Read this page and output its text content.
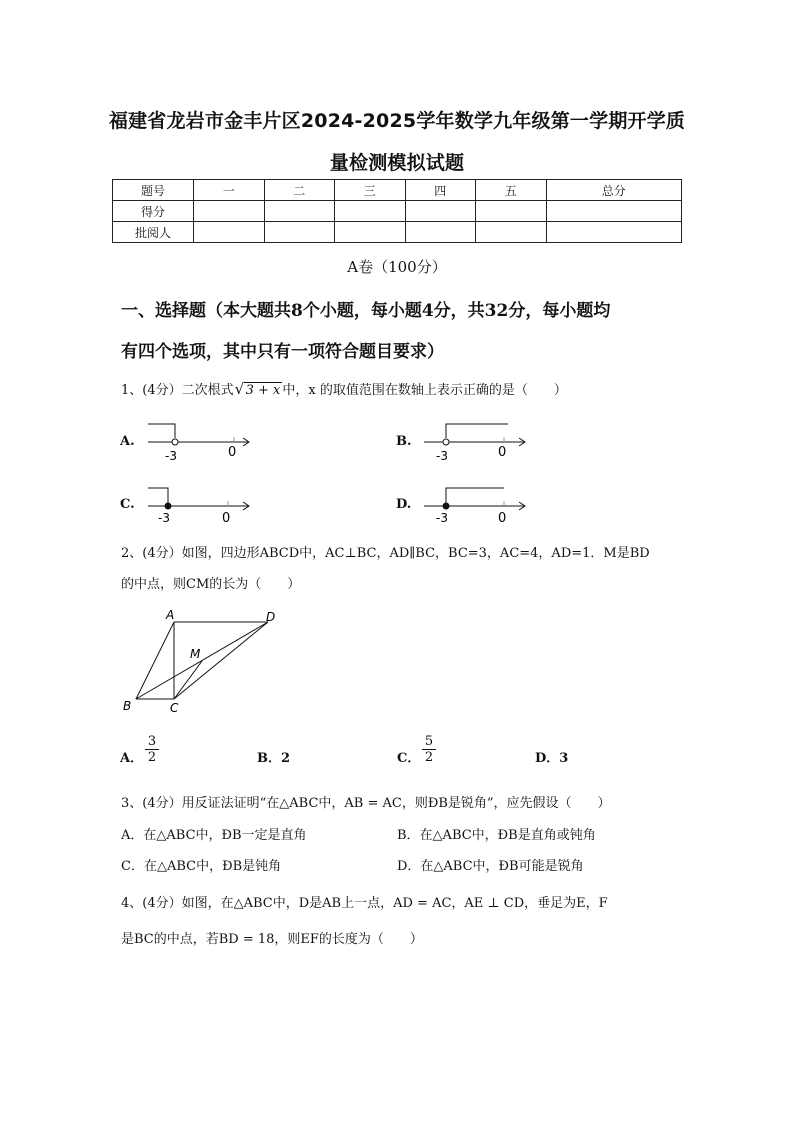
福建省龙岩市金丰片区2024-2025学年数学九年级第一学期开学质
量检测模拟试题
题号	一	二	三	四	五	总分
得分						
批阅人						
A卷（100分）
一、选择题（本大题共8个小题，每小题4分，共32分，每小题均
有四个选项，其中只有一项符合题目要求）
1、(4分）二次根式 √ 3 + x 中，x 的取值范围在数轴上表示正确的是（　　）
A.	B.
C.	D.
-3	0	-3	0
-3	0	-3	0
2、(4分）如图，四边形ABCD中，AC⊥BC，AD∥BC，BC=3，AC=4，AD=1．M是BD
的中点，则CM的长为（　　）
A	D
M
B	C
A． $\frac{3}{2}$	B．2	C． $\frac{5}{2}$	D．3
3、(4分）用反证法证明“在△ABC中，AB = AC，则ÐB是锐角”，应先假设（　　）
A．在△ABC中，ÐB一定是直角	B．在△ABC中，ÐB是直角或钝角
C．在△ABC中，ÐB是钝角	D．在△ABC中，ÐB可能是锐角
4、(4分）如图，在△ABC中，D是AB上一点，AD = AC，AE ⊥ CD，垂足为E，F
是BC的中点，若BD = 18，则EF的长度为（　　）
